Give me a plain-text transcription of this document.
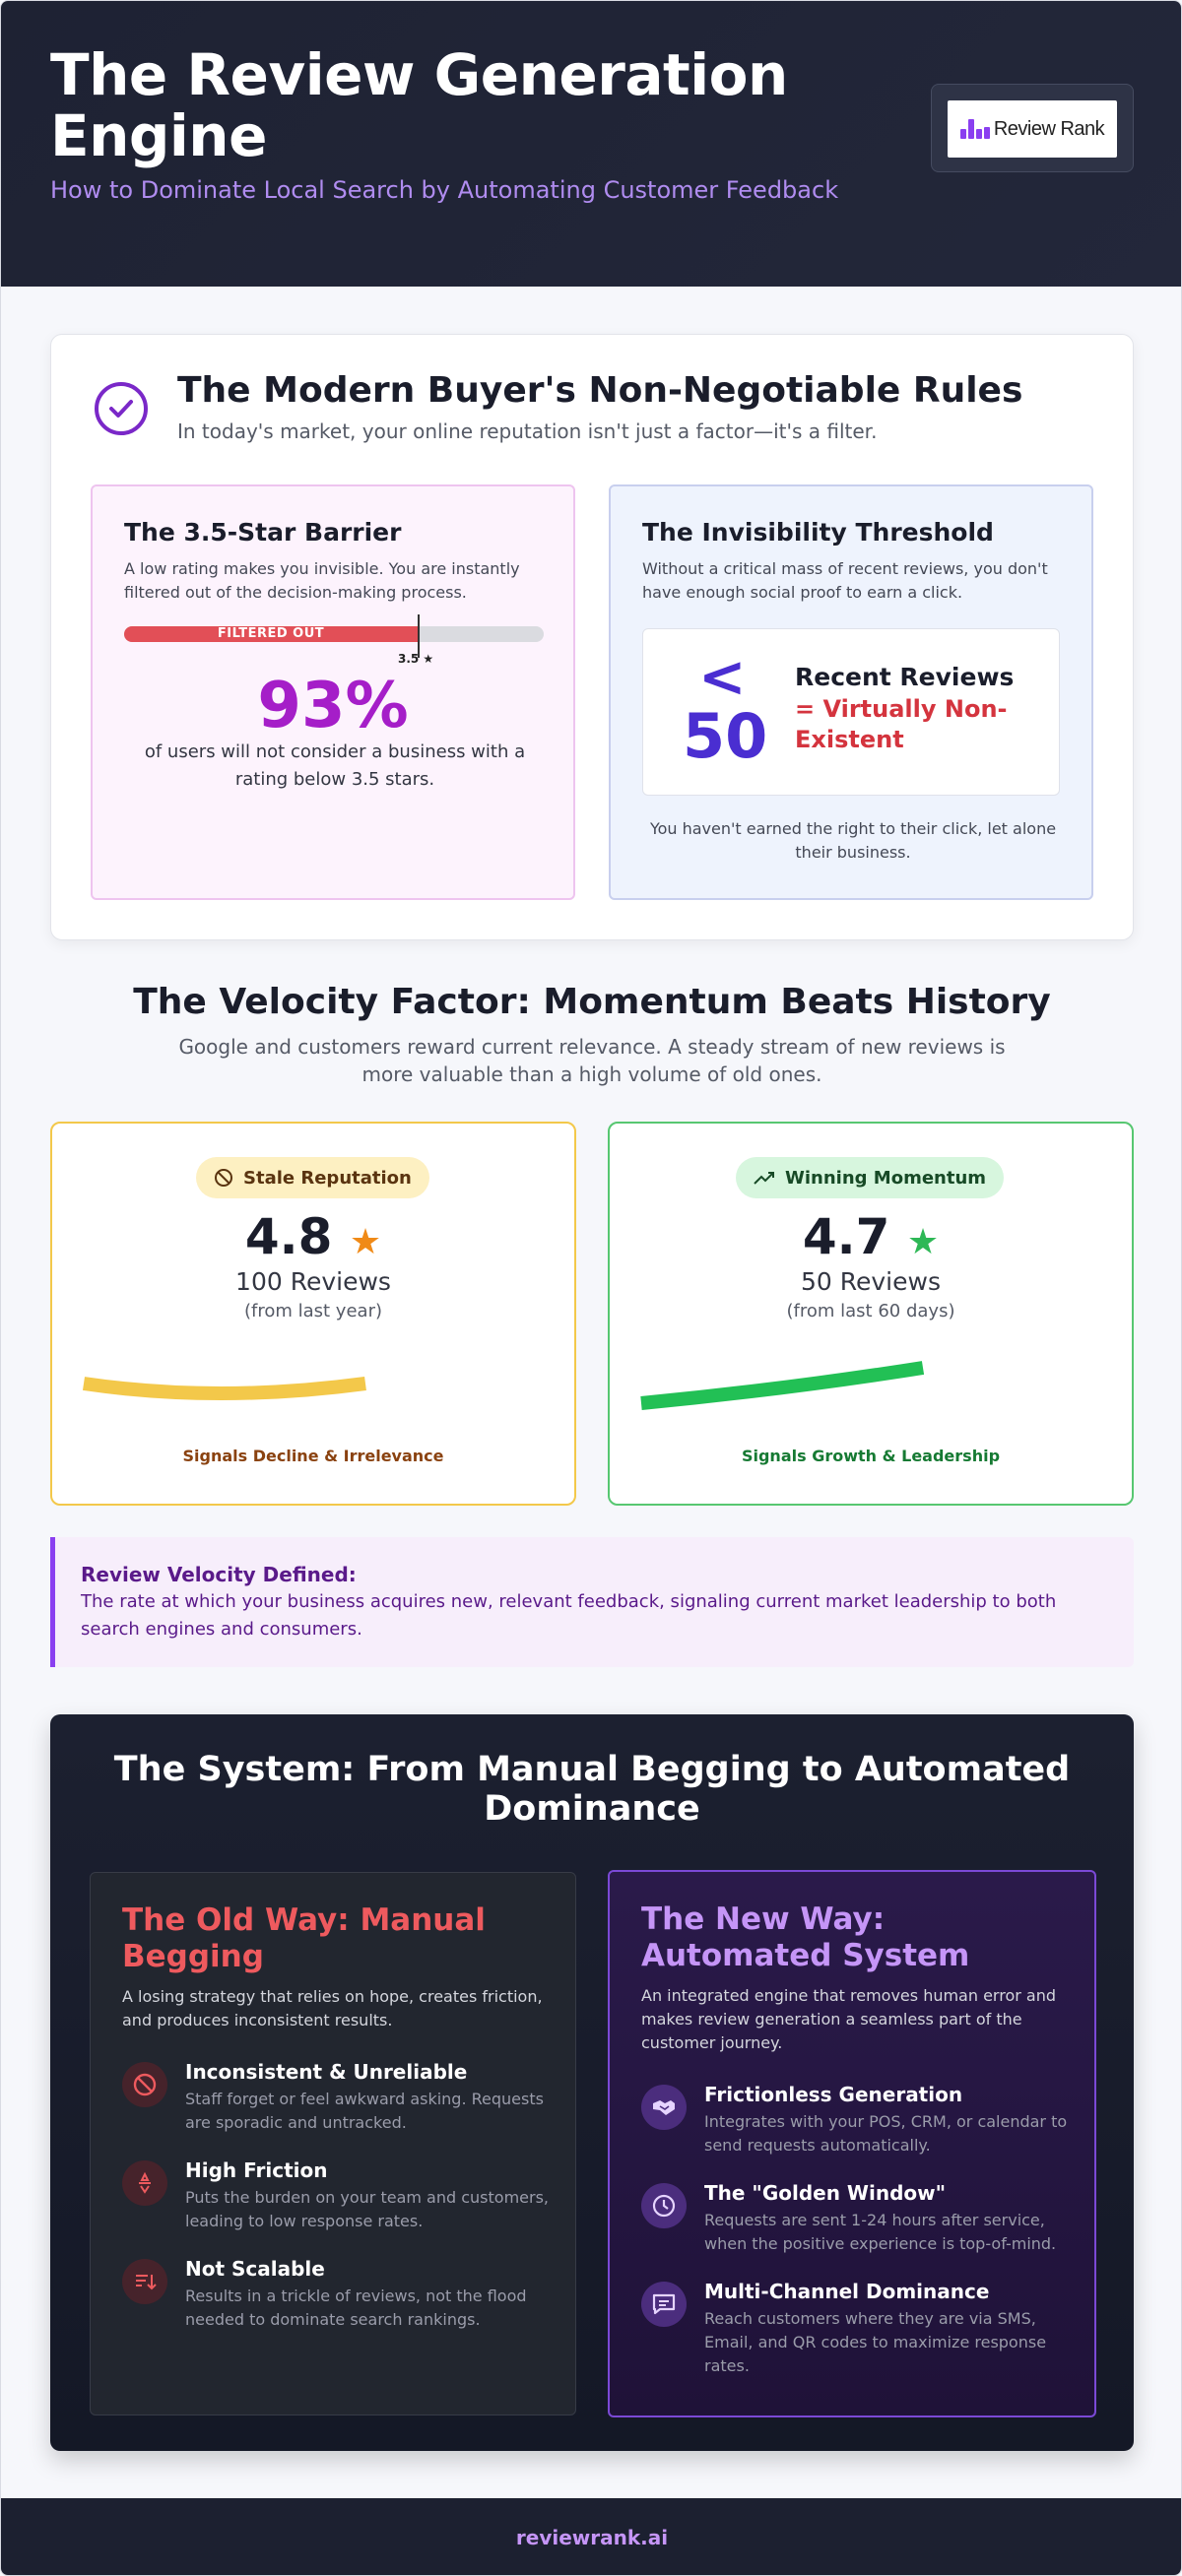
The Review Generation Engine
How to Dominate Local Search by Automating Customer Feedback
Review Rank
The Modern Buyer's Non-Negotiable Rules
In today's market, your online reputation isn't just a factor—it's a filter.
The 3.5-Star Barrier
A low rating makes you invisible. You are instantly filtered out of the decision-making process.
FILTERED OUT
3.5 ★
93%
of users will not consider a business with a rating below 3.5 stars.
The Invisibility Threshold
Without a critical mass of recent reviews, you don't have enough social proof to earn a click.
<
50
Recent Reviews
= Virtually Non-Existent
You haven't earned the right to their click, let alone their business.
The Velocity Factor: Momentum Beats History
Google and customers reward current relevance. A steady stream of new reviews is more valuable than a high volume of old ones.
Stale Reputation
4.8 ★
100 Reviews
(from last year)
Signals Decline & Irrelevance
Winning Momentum
4.7 ★
50 Reviews
(from last 60 days)
Signals Growth & Leadership
Review Velocity Defined:
The rate at which your business acquires new, relevant feedback, signaling current market leadership to both search engines and consumers.
The System: From Manual Begging to Automated Dominance
The Old Way: Manual Begging
A losing strategy that relies on hope, creates friction, and produces inconsistent results.
Inconsistent & Unreliable
Staff forget or feel awkward asking. Requests are sporadic and untracked.
High Friction
Puts the burden on your team and customers, leading to low response rates.
Not Scalable
Results in a trickle of reviews, not the flood needed to dominate search rankings.
The New Way: Automated System
An integrated engine that removes human error and makes review generation a seamless part of the customer journey.
Frictionless Generation
Integrates with your POS, CRM, or calendar to send requests automatically.
The "Golden Window"
Requests are sent 1-24 hours after service, when the positive experience is top-of-mind.
Multi-Channel Dominance
Reach customers where they are via SMS, Email, and QR codes to maximize response rates.
reviewrank.ai
